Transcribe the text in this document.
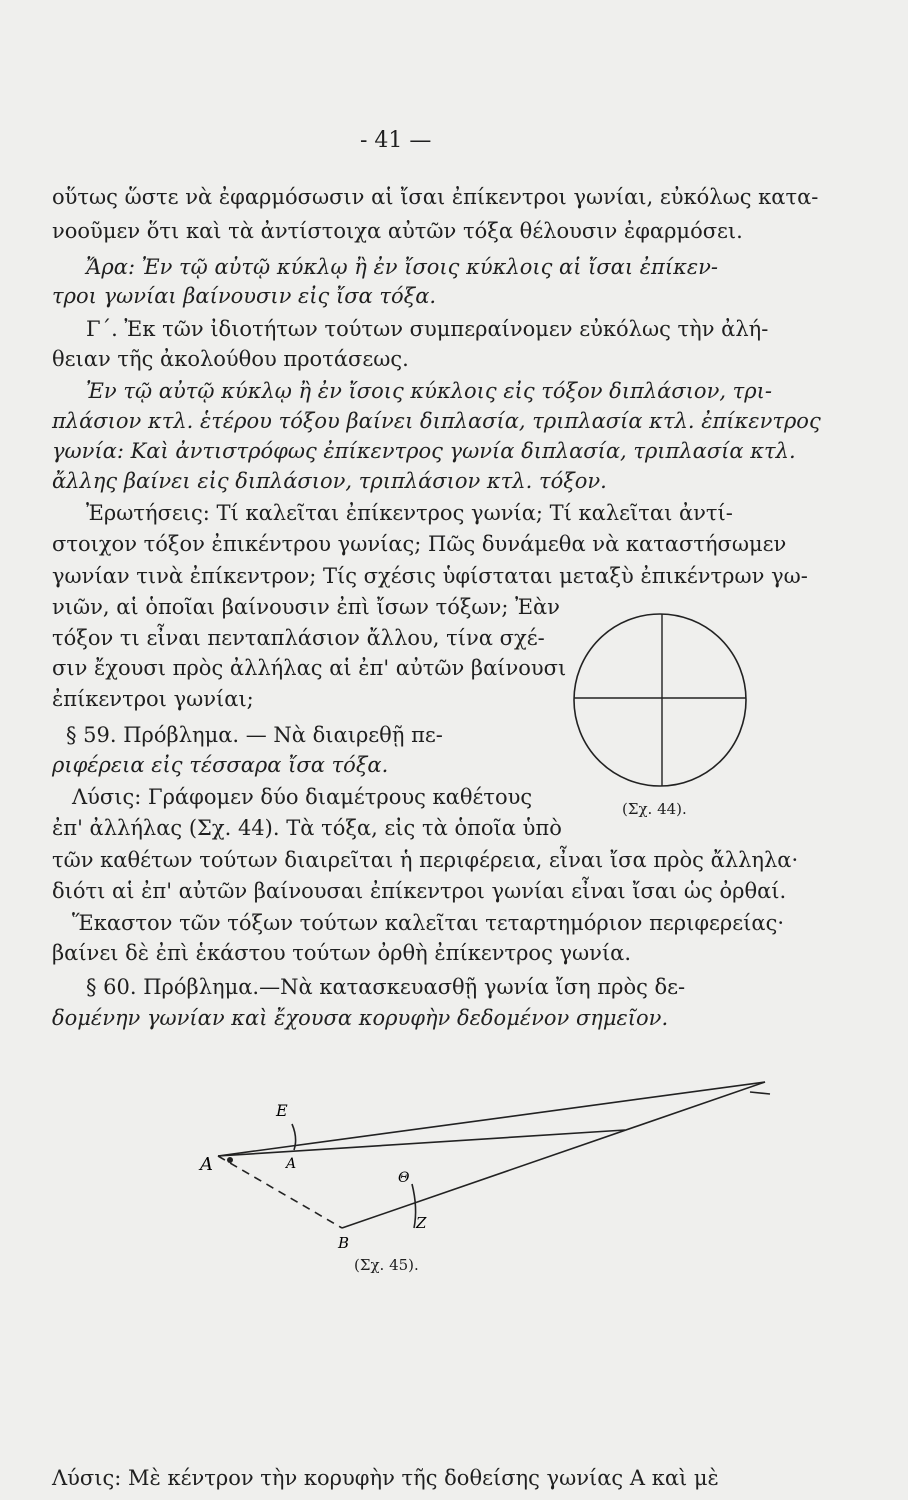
- 41 —
οὕτως ὥστε νὰ ἐφαρμόσωσιν αἱ ἴσαι ἐπίκεντροι γωνίαι, εὐκόλως κατα-
νοοῦμεν ὅτι καὶ τὰ ἀντίστοιχα αὐτῶν τόξα θέλουσιν ἐφαρμόσει.
Ἄρα: Ἐν τῷ αὐτῷ κύκλῳ ἢ ἐν ἴσοις κύκλοις αἱ ἴσαι ἐπίκεν-
τροι γωνίαι βαίνουσιν εἰς ἴσα τόξα.
Γ΄. Ἐκ τῶν ἰδιοτήτων τούτων συμπεραίνομεν εὐκόλως τὴν ἀλή-
θειαν τῆς ἀκολούθου προτάσεως.
Ἐν τῷ αὐτῷ κύκλῳ ἢ ἐν ἴσοις κύκλοις εἰς τόξον διπλάσιον, τρι-
πλάσιον κτλ. ἑτέρου τόξου βαίνει διπλασία, τριπλασία κτλ. ἐπίκεντρος
γωνία: Καὶ ἀντιστρόφως ἐπίκεντρος γωνία διπλασία, τριπλασία κτλ.
ἄλλης βαίνει εἰς διπλάσιον, τριπλάσιον κτλ. τόξον.
Ἐρωτήσεις: Τί καλεῖται ἐπίκεντρος γωνία; Τί καλεῖται ἀντί-
στοιχον τόξον ἐπικέντρου γωνίας; Πῶς δυνάμεθα νὰ καταστήσωμεν
γωνίαν τινὰ ἐπίκεντρον; Τίς σχέσις ὑφίσταται μεταξὺ ἐπικέντρων γω-
νιῶν, αἱ ὁποῖαι βαίνουσιν ἐπὶ ἴσων τόξων; Ἐὰν
τόξον τι εἶναι πενταπλάσιον ἄλλου, τίνα σχέ-
σιν ἔχουσι πρὸς ἀλλήλας αἱ ἐπ' αὐτῶν βαίνουσι
ἐπίκεντροι γωνίαι;
§ 59. Πρόβλημα. — Νὰ διαιρεθῇ πε-
ριφέρεια εἰς τέσσαρα ἴσα τόξα.
Λύσις: Γράφομεν δύο διαμέτρους καθέτους
ἐπ' ἀλλήλας (Σχ. 44). Τὰ τόξα, εἰς τὰ ὁποῖα ὑπὸ
τῶν καθέτων τούτων διαιρεῖται ἡ περιφέρεια, εἶναι ἴσα πρὸς ἄλληλα·
διότι αἱ ἐπ' αὐτῶν βαίνουσαι ἐπίκεντροι γωνίαι εἶναι ἴσαι ὡς ὀρθαί.
Ἕκαστον τῶν τόξων τούτων καλεῖται τεταρτημόριον περιφερείας·
βαίνει δὲ ἐπὶ ἑκάστου τούτων ὀρθὴ ἐπίκεντρος γωνία.
§ 60. Πρόβλημα.—Νὰ κατασκευασθῇ γωνία ἴση πρὸς δε-
δομένην γωνίαν καὶ ἔχουσα κορυφὴν δεδομένον σημεῖον.
Λύσις: Μὲ κέντρον τὴν κορυφὴν τῆς δοθείσης γωνίας Α καὶ μὲ
(Σχ. 44).
Ε
Α
Α
Θ
Β
Ζ
(Σχ. 45).
